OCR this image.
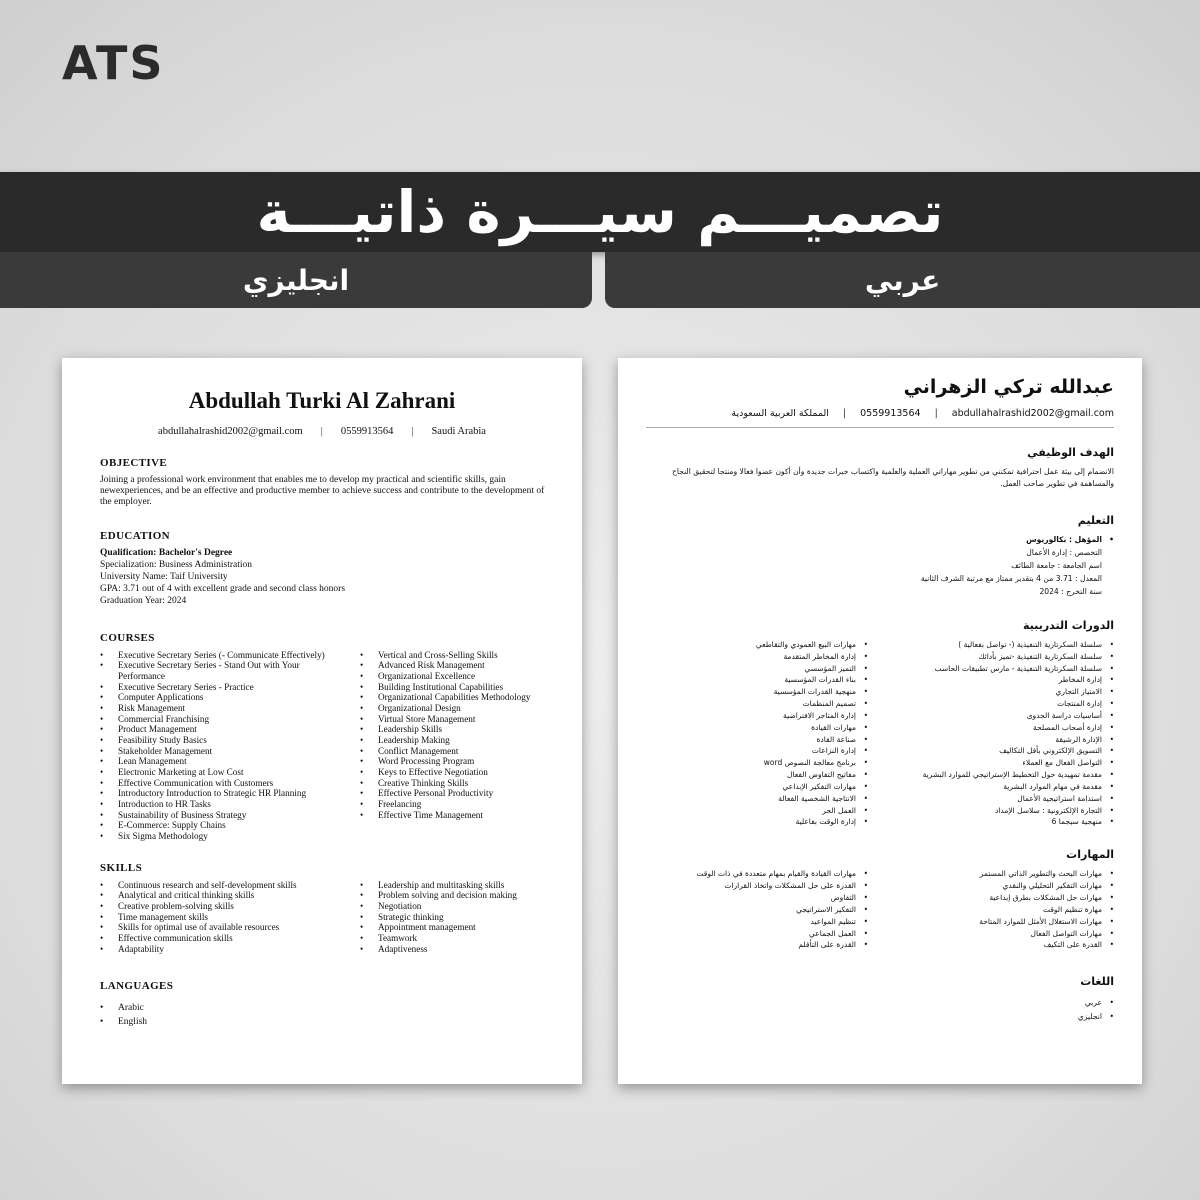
ATS
تصميـــم سيـــرة ذاتيـــة
انجليزي	عربي
Abdullah Turki Al Zahrani
abdullahalrashid2002@gmail.com | 0559913564 | Saudi Arabia
OBJECTIVE
Joining a professional work environment that enables me to develop my practical and scientific skills, gain newexperiences, and be an effective and productive member to achieve success and contribute to the development of the employer.
EDUCATION
Qualification: Bachelor's Degree
Specialization: Business Administration
University Name: Taif University
GPA: 3.71 out of 4 with excellent grade and second class honors
Graduation Year: 2024
COURSES
• Executive Secretary Series (- Communicate Effectively)
• Executive Secretary Series - Stand Out with Your Performance
• Executive Secretary Series - Practice
• Computer Applications
• Risk Management
• Commercial Franchising
• Product Management
• Feasibility Study Basics
• Stakeholder Management
• Lean Management
• Electronic Marketing at Low Cost
• Effective Communication with Customers
• Introductory Introduction to Strategic HR Planning
• Introduction to HR Tasks
• Sustainability of Business Strategy
• E-Commerce: Supply Chains
• Six Sigma Methodology
• Vertical and Cross-Selling Skills
• Advanced Risk Management
• Organizational Excellence
• Building Institutional Capabilities
• Organizational Capabilities Methodology
• Organizational Design
• Virtual Store Management
• Leadership Skills
• Leadership Making
• Conflict Management
• Word Processing Program
• Keys to Effective Negotiation
• Creative Thinking Skills
• Effective Personal Productivity
• Freelancing
• Effective Time Management
SKILLS
• Continuous research and self-development skills
• Analytical and critical thinking skills
• Creative problem-solving skills
• Time management skills
• Skills for optimal use of available resources
• Effective communication skills
• Adaptability
• Leadership and multitasking skills
• Problem solving and decision making
• Negotiation
• Strategic thinking
• Appointment management
• Teamwork
• Adaptiveness
LANGUAGES
• Arabic
• English
عبدالله تركي الزهراني
abdullahalrashid2002@gmail.com
|
0559913564
|
المملكة العربية السعودية
الهدف الوظيفي
الانضمام إلى بيئة عمل احترافية تمكنني من تطوير مهاراتي العملية والعلمية واكتساب خبرات جديدة وأن أكون عضوا فعالا ومنتجا لتحقيق النجاح والمساهمة في تطوير صاحب العمل.
التعليم
• المؤهل : بكالوريوس
التخصص : إدارة الأعمال
اسم الجامعة : جامعة الطائف
المعدل : 3.71 من 4 بتقدير ممتاز مع مرتبة الشرف الثانية
سنة التخرج : 2024
الدورات التدريبية
• سلسلة السكرتارية التنفيذية (- تواصل بفعالية )
• سلسلة السكرتارية التنفيذية -تميز بأدائك
• سلسلة السكرتارية التنفيذية - مارس تطبيقات الحاسب
• إدارة المخاطر
• الامتياز التجاري
• إدارة المنتجات
• أساسيات دراسة الجدوى
• إدارة أصحاب المصلحة
• الإدارة الرشيقة
• التسويق الإلكتروني بأقل التكاليف
• التواصل الفعال مع العملاء
• مقدمة تمهيدية حول التخطيط الإستراتيجي للموارد البشرية
• مقدمة في مهام الموارد البشرية
• استدامة استراتيجية الأعمال
• التجارة الإلكترونية : سلاسل الإمداد
• منهجية سيجما 6
• مهارات البيع العمودي والتقاطعي
• إدارة المخاطر المتقدمة
• التميز المؤسسي
• بناء القدرات المؤسسية
• منهجية القدرات المؤسسية
• تصميم المنظمات
• إدارة المتاجر الافتراضية
• مهارات القيادة
• صناعة القادة
• إدارة النزاعات
• برنامج معالجة النصوص word
• مفاتيح التفاوض الفعال
• مهارات التفكير الإبداعي
• الانتاجية الشخصية الفعالة
• العمل الحر
• إدارة الوقت بفاعلية
المهارات
• مهارات البحث والتطوير الذاتي المستمر
• مهارات التفكير التحليلي والنقدي
• مهارات حل المشكلات بطرق إبداعية
• مهارة تنظيم الوقت
• مهارات الاستغلال الأمثل للموارد المتاحة
• مهارات التواصل الفعال
• القدرة على التكيف
• مهارات القيادة والقيام بمهام متعددة في ذات الوقت
• القدرة على حل المشكلات واتخاذ القرارات
• التفاوض
• التفكير الاستراتيجي
• تنظيم المواعيد
• العمل الجماعي
• القدرة على التأقلم
اللغات
• عربي
• انجليزي
